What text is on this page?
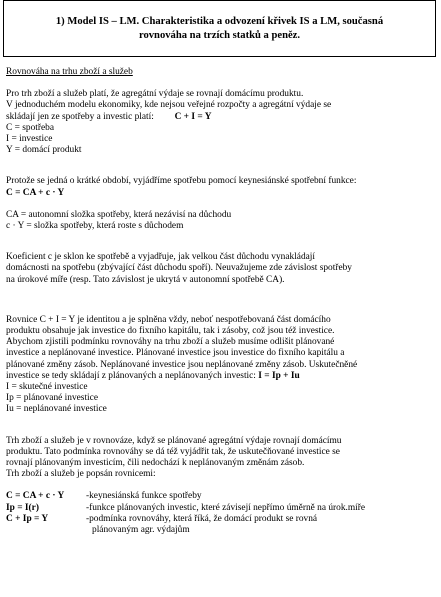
1) Model IS – LM. Charakteristika a odvození křivek IS a LM, současná
rovnováha na trzích statků a peněz.

Rovnováha na trhu zboží a služeb
Pro trh zboží a služeb platí, že agregátní výdaje se rovnají domácímu produktu.
V jednoduchém modelu ekonomiky, kde nejsou veřejné rozpočty a agregátní výdaje se
skládají jen ze spotřeby a investic platí: C + I = Y
C = spotřeba
I = investice
Y = domácí produkt
Protože se jedná o krátké období, vyjádříme spotřebu pomocí keynesiánské spotřební funkce:
C = CA + c · Y
CA = autonomní složka spotřeby, která nezávisí na důchodu
c · Y = složka spotřeby, která roste s důchodem
Koeficient c je sklon ke spotřebě a vyjadřuje, jak velkou část důchodu vynakládají
domácnosti na spotřebu (zbývající část důchodu spoří). Neuvažujeme zde závislost spotřeby
na úrokové míře (resp. Tato závislost je ukrytá v autonomní spotřebě CA).
Rovnice C + I = Y je identitou a je splněna vždy, neboť nespotřebovaná část domácího
produktu obsahuje jak investice do fixního kapitálu, tak i zásoby, což jsou též investice.
Abychom zjistili podmínku rovnováhy na trhu zboží a služeb musíme odlišit plánované
investice a neplánované investice. Plánované investice jsou investice do fixního kapitálu a
plánované změny zásob. Neplánované investice jsou neplánované změny zásob. Uskutečněné
investice se tedy skládají z plánovaných a neplánovaných investic: I = Ip + Iu
I = skutečné investice
Ip = plánované investice
Iu = neplánované investice
Trh zboží a služeb je v rovnováze, když se plánované agregátní výdaje rovnají domácímu
produktu. Tato podmínka rovnováhy se dá též vyjádřit tak, že uskutečňované investice se
rovnají plánovaným investicím, čili nedochází k neplánovaným změnám zásob.
Trh zboží a služeb je popsán rovnicemi:
C = CA + c · Y -keynesiánská funkce spotřeby
Ip = I(r)	-funkce plánovaných investic, které závisejí nepřímo úměrně na úrok.míře
C + Ip = Y	-podmínka rovnováhy, která říká, že domácí produkt se rovná
plánovaným agr. výdajům
